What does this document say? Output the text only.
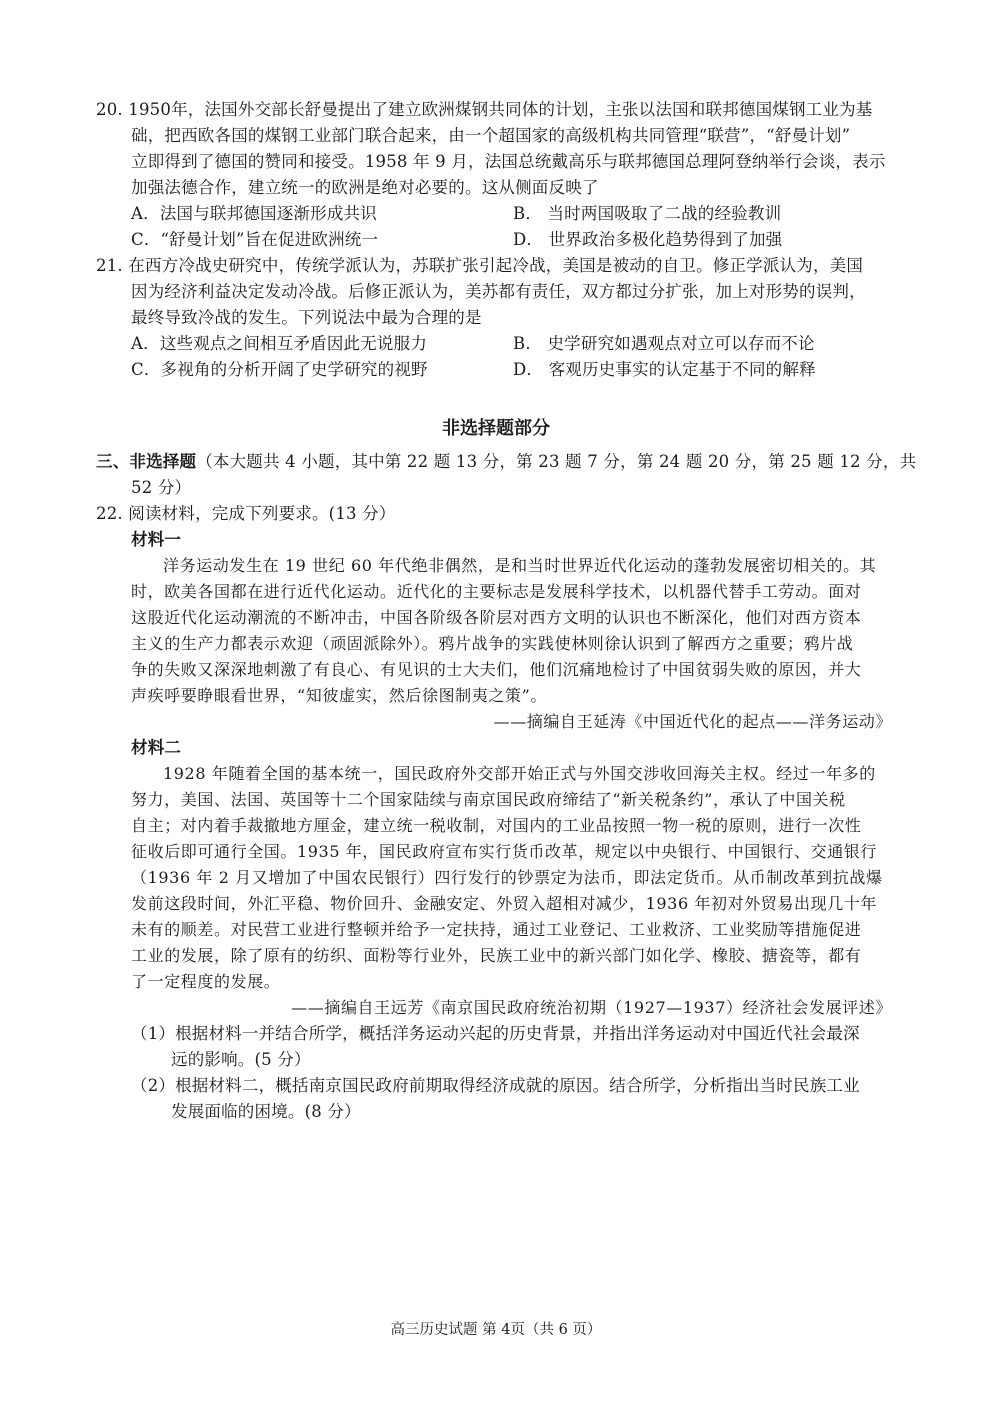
20. 1950年，法国外交部长舒曼提出了建立欧洲煤钢共同体的计划，主张以法国和联邦德国煤钢工业为基
础，把西欧各国的煤钢工业部门联合起来，由一个超国家的高级机构共同管理“联营”，“舒曼计划”
立即得到了德国的赞同和接受。1958 年 9 月，法国总统戴高乐与联邦德国总理阿登纳举行会谈，表示
加强法德合作，建立统一的欧洲是绝对必要的。这从侧面反映了
A．法国与联邦德国逐渐形成共识	B． 当时两国吸取了二战的经验教训
C．“舒曼计划”旨在促进欧洲统一	D． 世界政治多极化趋势得到了加强
21. 在西方冷战史研究中，传统学派认为，苏联扩张引起冷战，美国是被动的自卫。修正学派认为，美国
因为经济利益决定发动冷战。后修正派认为，美苏都有责任，双方都过分扩张，加上对形势的误判，
最终导致冷战的发生。下列说法中最为合理的是
A．这些观点之间相互矛盾因此无说服力	B． 史学研究如遇观点对立可以存而不论
C．多视角的分析开阔了史学研究的视野	D． 客观历史事实的认定基于不同的解释
非选择题部分
三、非选择题（本大题共 4 小题，其中第 22 题 13 分，第 23 题 7 分，第 24 题 20 分，第 25 题 12 分，共
52 分）
22. 阅读材料，完成下列要求。(13 分）
材料一
洋务运动发生在 19 世纪 60 年代绝非偶然，是和当时世界近代化运动的蓬勃发展密切相关的。其
时，欧美各国都在进行近代化运动。近代化的主要标志是发展科学技术，以机器代替手工劳动。面对
这股近代化运动潮流的不断冲击，中国各阶级各阶层对西方文明的认识也不断深化，他们对西方资本
主义的生产力都表示欢迎（顽固派除外）。鸦片战争的实践使林则徐认识到了解西方之重要；鸦片战
争的失败又深深地刺激了有良心、有见识的士大夫们，他们沉痛地检讨了中国贫弱失败的原因，并大
声疾呼要睁眼看世界，“知彼虚实，然后徐图制夷之策”。
——摘编自王延涛《中国近代化的起点——洋务运动》
材料二
1928 年随着全国的基本统一，国民政府外交部开始正式与外国交涉收回海关主权。经过一年多的
努力，美国、法国、英国等十二个国家陆续与南京国民政府缔结了“新关税条约”，承认了中国关税
自主；对内着手裁撤地方厘金，建立统一税收制，对国内的工业品按照一物一税的原则，进行一次性
征收后即可通行全国。1935 年，国民政府宣布实行货币改革，规定以中央银行、中国银行、交通银行
（1936 年 2 月又增加了中国农民银行）四行发行的钞票定为法币，即法定货币。从币制改革到抗战爆
发前这段时间，外汇平稳、物价回升、金融安定、外贸入超相对减少，1936 年初对外贸易出现几十年
未有的顺差。对民营工业进行整顿并给予一定扶持，通过工业登记、工业救济、工业奖励等措施促进
工业的发展，除了原有的纺织、面粉等行业外，民族工业中的新兴部门如化学、橡胶、搪瓷等，都有
了一定程度的发展。
——摘编自王远芳《南京国民政府统治初期（1927—1937）经济社会发展评述》
（1）根据材料一并结合所学，概括洋务运动兴起的历史背景，并指出洋务运动对中国近代社会最深
远的影响。(5 分）
（2）根据材料二，概括南京国民政府前期取得经济成就的原因。结合所学，分析指出当时民族工业
发展面临的困境。(8 分）
高三历史试题 第 4页（共 6 页）
